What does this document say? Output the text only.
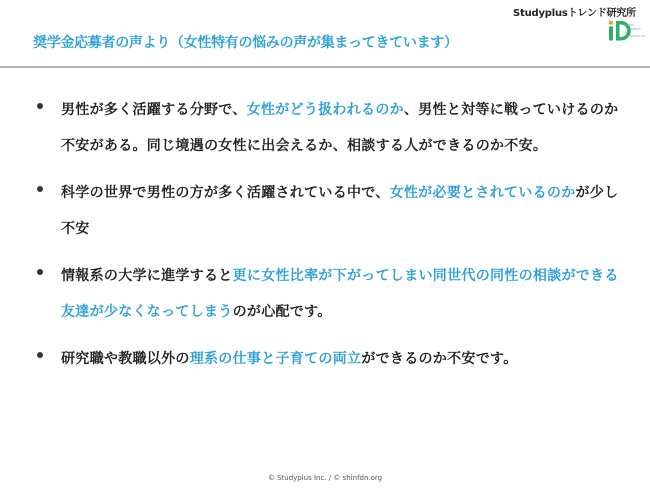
Studyplusトレンド研究所
奨学金応募者の声より（女性特有の悩みの声が集まってきています）
JAPAN
ACADEMIC
&
FOUNDATION
男性が多く活躍する分野で、女性がどう扱われるのか、男性と対等に戦っていけるのか不安がある。同じ境遇の女性に出会えるか、相談する人ができるのか不安。
科学の世界で男性の方が多く活躍されている中で、女性が必要とされているのかが少し不安
情報系の大学に進学すると更に女性比率が下がってしまい同世代の同性の相談ができる友達が少なくなってしまうのが心配です。
研究職や教職以外の理系の仕事と子育ての両立ができるのか不安です。
© Studyplus Inc. / © shinfdn.org
